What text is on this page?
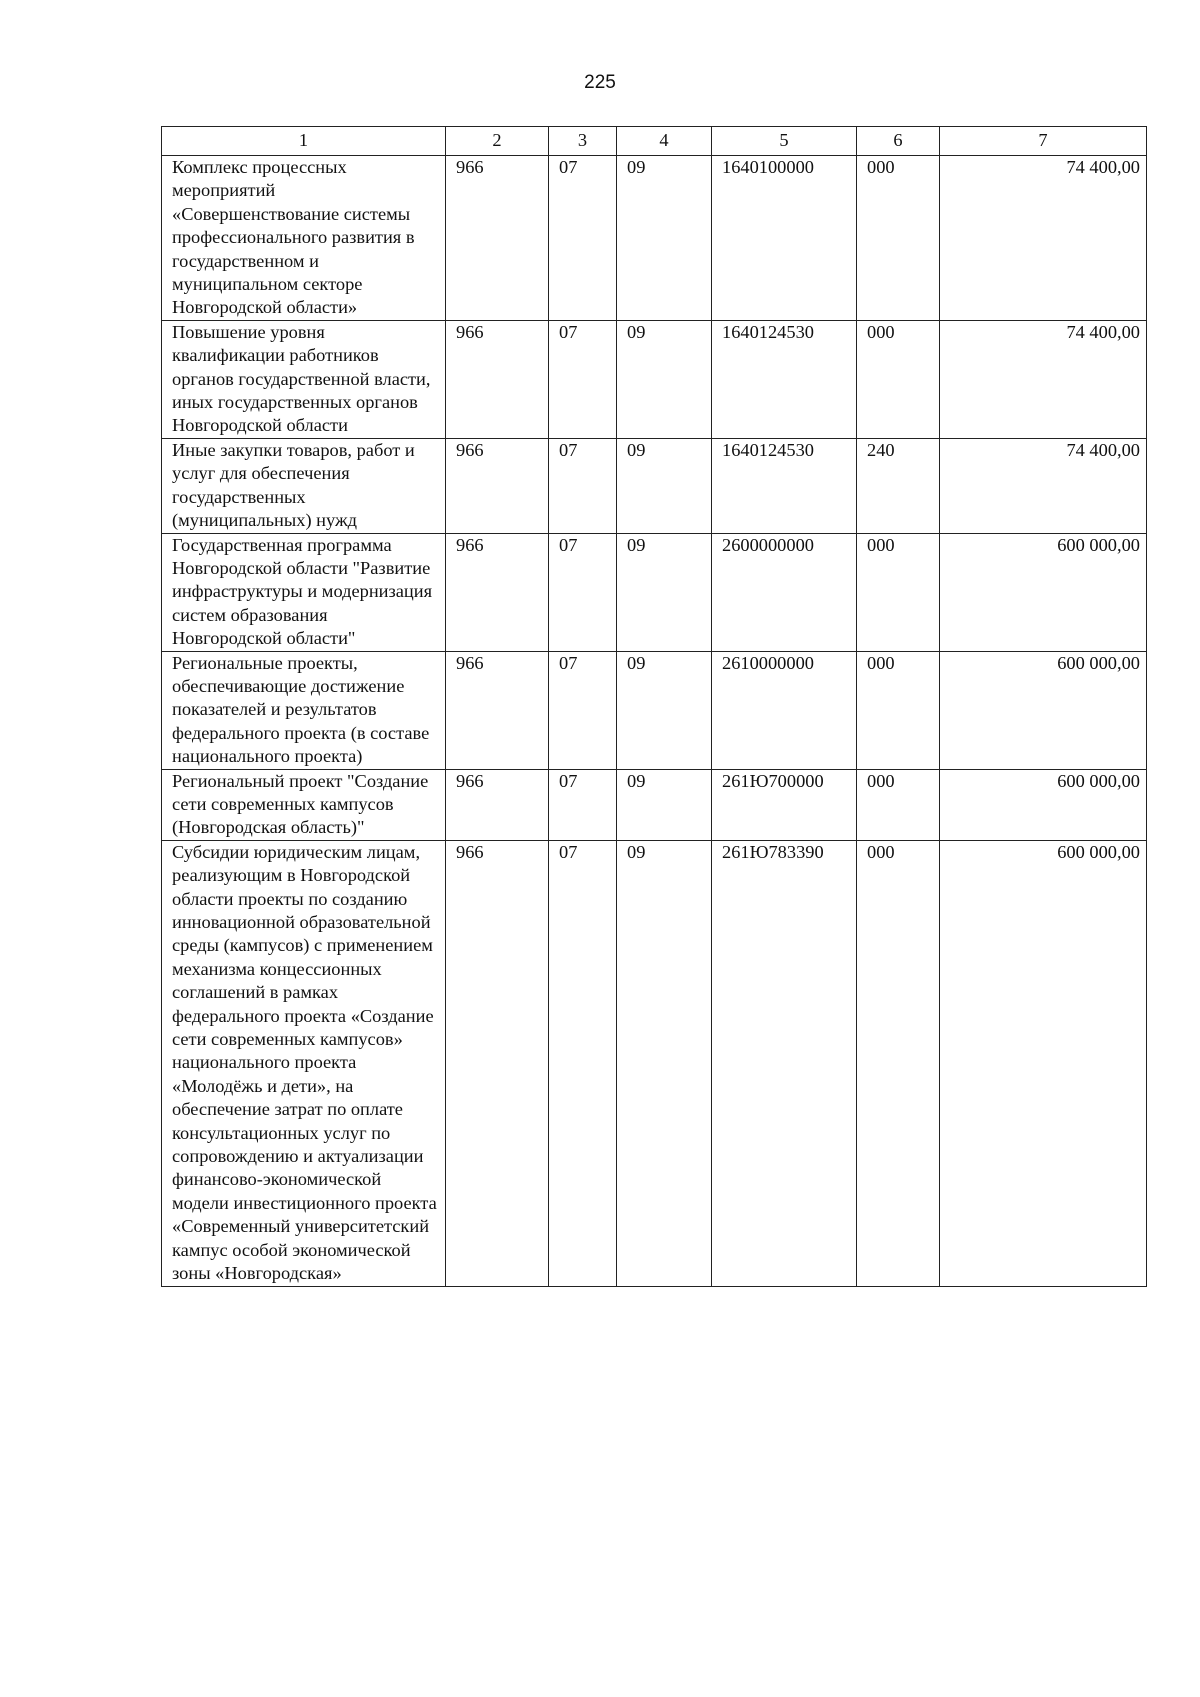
225
1	2	3	4	5	6	7
Комплекс процессных мероприятий «Совершенствование системы профессионального развития в государственном и муниципальном секторе Новгородской области»	966	07	09	1640100000	000	74 400,00
Повышение уровня квалификации работников органов государственной власти, иных государственных органов Новгородской области	966	07	09	1640124530	000	74 400,00
Иные закупки товаров, работ и услуг для обеспечения государственных (муниципальных) нужд	966	07	09	1640124530	240	74 400,00
Государственная программа Новгородской области "Развитие инфраструктуры и модернизация систем образования Новгородской области"	966	07	09	2600000000	000	600 000,00
Региональные проекты, обеспечивающие достижение показателей и результатов федерального проекта (в составе национального проекта)	966	07	09	2610000000	000	600 000,00
Региональный проект "Создание сети современных кампусов (Новгородская область)"	966	07	09	261Ю700000	000	600 000,00
Субсидии юридическим лицам, реализующим в Новгородской области проекты по созданию инновационной образовательной среды (кампусов) с применением механизма концессионных соглашений в рамках федерального проекта «Создание сети современных кампусов» национального проекта «Молодёжь и дети», на обеспечение затрат по оплате консультационных услуг по сопровождению и актуализации финансово-экономической модели инвестиционного проекта «Современный университетский кампус особой экономической зоны «Новгородская»	966	07	09	261Ю783390	000	600 000,00
